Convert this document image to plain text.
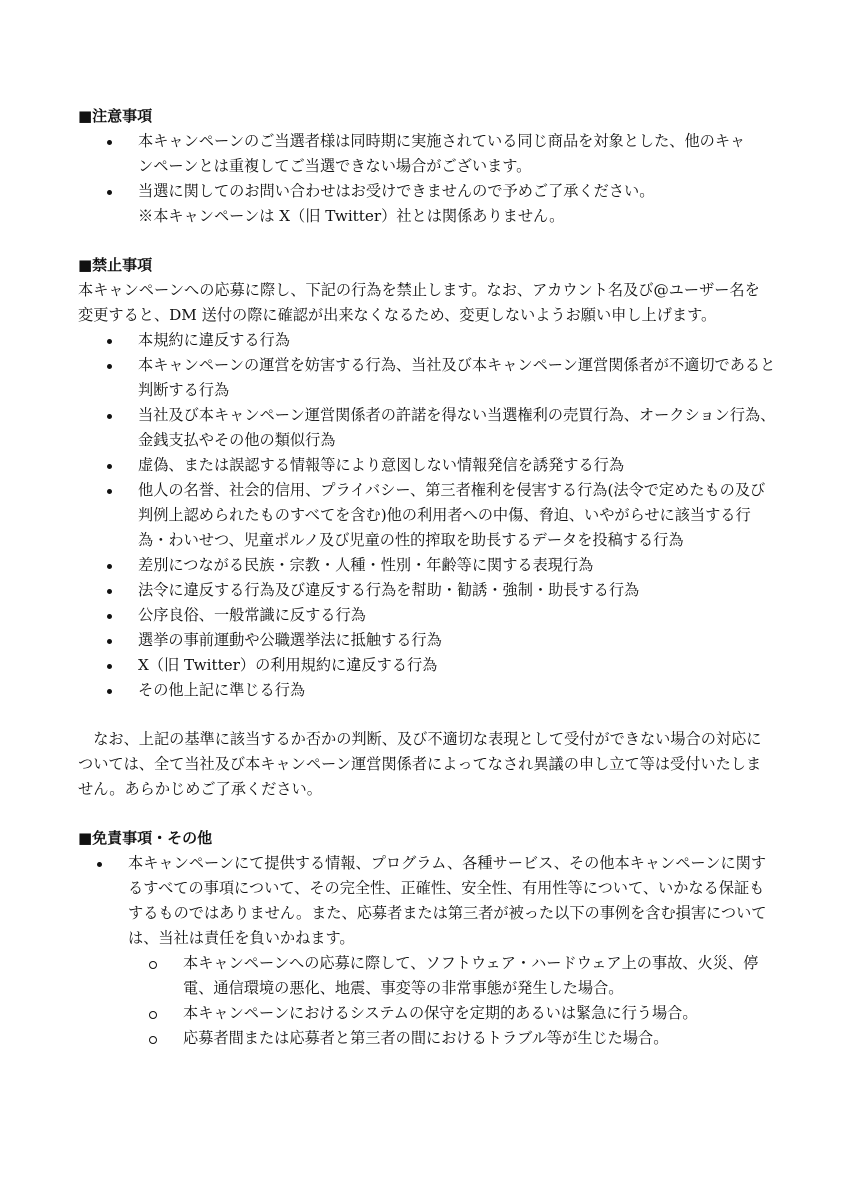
■注意事項
本キャンペーンのご当選者様は同時期に実施されている同じ商品を対象とした、他のキャンペーンとは重複してご当選できない場合がございます。
当選に関してのお問い合わせはお受けできませんので予めご了承ください。
※本キャンペーンは X（旧 Twitter）社とは関係ありません。
■禁止事項

本キャンペーンへの応募に際し、下記の行為を禁止します。なお、アカウント名及び@ユーザー名を変更すると、DM 送付の際に確認が出来なくなるため、変更しないようお願い申し上げます。

本規約に違反する行為
本キャンペーンの運営を妨害する行為、当社及び本キャンペーン運営関係者が不適切であると判断する行為
当社及び本キャンペーン運営関係者の許諾を得ない当選権利の売買行為、オークション行為、金銭支払やその他の類似行為
虚偽、または誤認する情報等により意図しない情報発信を誘発する行為
他人の名誉、社会的信用、プライバシー、第三者権利を侵害する行為(法令で定めたもの及び判例上認められたものすべてを含む)他の利用者への中傷、脅迫、いやがらせに該当する行為・わいせつ、児童ポルノ及び児童の性的搾取を助長するデータを投稿する行為
差別につながる民族・宗教・人種・性別・年齢等に関する表現行為
法令に違反する行為及び違反する行為を幇助・勧誘・強制・助長する行為
公序良俗、一般常識に反する行為
選挙の事前運動や公職選挙法に抵触する行為
X（旧 Twitter）の利用規約に違反する行為
その他上記に準じる行為

なお、上記の基準に該当するか否かの判断、及び不適切な表現として受付ができない場合の対応については、全て当社及び本キャンペーン運営関係者によってなされ異議の申し立て等は受付いたしません。あらかじめご了承ください。

■免責事項・その他
本キャンペーンにて提供する情報、プログラム、各種サービス、その他本キャンペーンに関するすべての事項について、その完全性、正確性、安全性、有用性等について、いかなる保証もするものではありません。また、応募者または第三者が被った以下の事例を含む損害については、当社は責任を負いかねます。
本キャンペーンへの応募に際して、ソフトウェア・ハードウェア上の事故、火災、停電、通信環境の悪化、地震、事変等の非常事態が発生した場合。
本キャンペーンにおけるシステムの保守を定期的あるいは緊急に行う場合。
応募者間または応募者と第三者の間におけるトラブル等が生じた場合。
